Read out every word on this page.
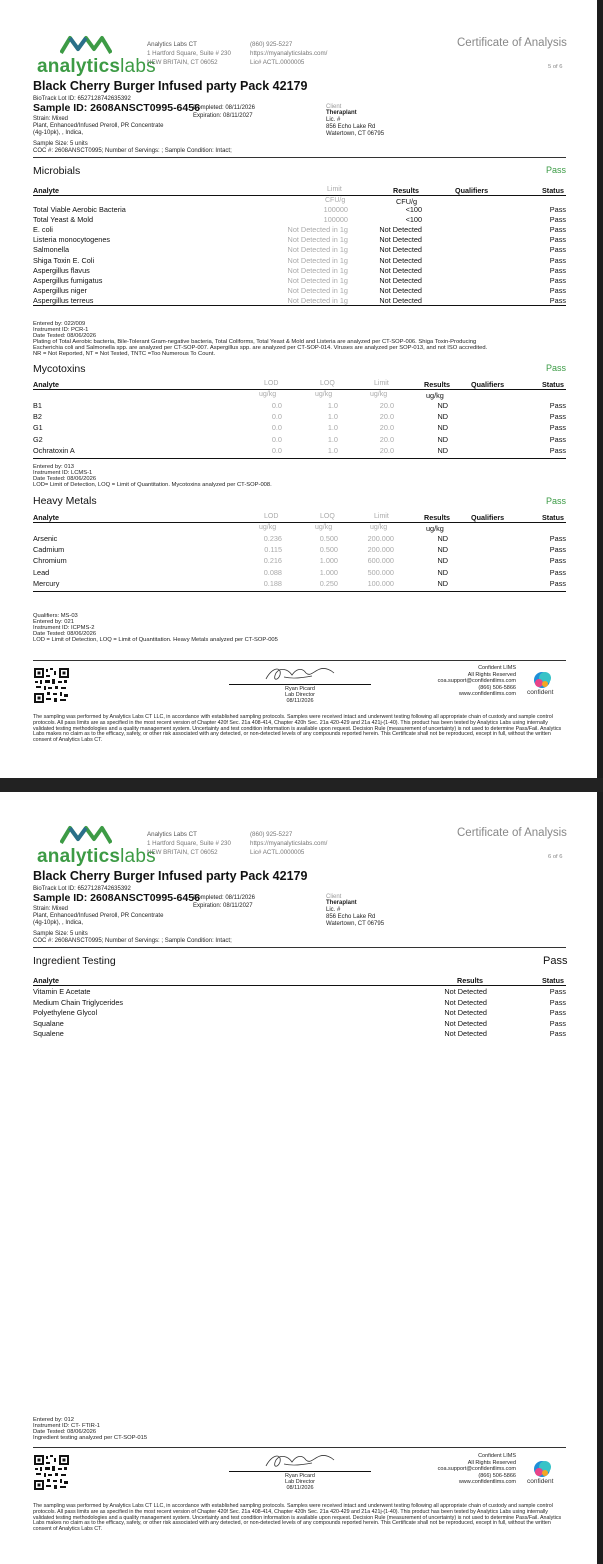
analyticslabs
Analytics Labs CT
1 Hartford Square, Suite # 230
NEW BRITAIN, CT 06052
(860) 925-5227
https://myanalyticslabs.com/
Lic# ACTL.0000005
Certificate of Analysis
5 of 6
Black Cherry Burger Infused party Pack 42179
BioTrack Lot ID: 6527128742635392
Sample ID: 2608ANSCT0995-6456
Strain: Mixed
Plant, Enhanced/Infused Preroll, PR Concentrate
(4g-10pk), , Indica,
Completed: 08/11/2026
Expiration: 08/11/2027
Client
Theraplant
Lic. #
856 Echo Lake Rd
Watertown, CT 06795
Sample Size: 5 units
COC #: 2608ANSCT0995; Number of Servings: ; Sample Condition: Intact;
Microbials	Pass
Analyte	Limit	Results	Qualifiers	Status
CFU/g	CFU/g
Total Viable Aerobic Bacteria	100000	<100	Pass
Total Yeast & Mold	100000	<100	Pass
E. coli	Not Detected in 1g	Not Detected	Pass
Listeria monocytogenes	Not Detected in 1g	Not Detected	Pass
Salmonella	Not Detected in 1g	Not Detected	Pass
Shiga Toxin E. Coli	Not Detected in 1g	Not Detected	Pass
Aspergillus flavus	Not Detected in 1g	Not Detected	Pass
Aspergillus fumigatus	Not Detected in 1g	Not Detected	Pass
Aspergillus niger	Not Detected in 1g	Not Detected	Pass
Aspergillus terreus	Not Detected in 1g	Not Detected	Pass
Entered by: 022/009
Instrument ID: PCR-1
Date Tested: 08/06/2026
Plating of Total Aerobic bacteria, Bile-Tolerant Gram-negative bacteria, Total Coliforms, Total Yeast & Mold and Listeria are analyzed per CT-SOP-006. Shiga Toxin-Producing
Escherichia coli and Salmonella spp. are analyzed per CT-SOP-007. Aspergillus spp. are analyzed per CT-SOP-014. Viruses are analyzed per SOP-013, and not ISO accredited.
NR = Not Reported, NT = Not Tested, TNTC =Too Numerous To Count.
Mycotoxins	Pass
Analyte	LOD	LOQ	Limit	Results	Qualifiers	Status
ug/kg	ug/kg	ug/kg	ug/kg
B1	0.0	1.0	20.0	ND	Pass
B2	0.0	1.0	20.0	ND	Pass
G1	0.0	1.0	20.0	ND	Pass
G2	0.0	1.0	20.0	ND	Pass
Ochratoxin A	0.0	1.0	20.0	ND	Pass
Entered by: 013
Instrument ID: LCMS-1
Date Tested: 08/06/2026
LOD= Limit of Detection, LOQ = Limit of Quantitation. Mycotoxins analyzed per CT-SOP-008.
Heavy Metals	Pass
Analyte	LOD	LOQ	Limit	Results	Qualifiers	Status
ug/kg	ug/kg	ug/kg	ug/kg
Arsenic	0.236	0.500	200.000	ND	Pass
Cadmium	0.115	0.500	200.000	ND	Pass
Chromium	0.216	1.000	600.000	ND	Pass
Lead	0.088	1.000	500.000	ND	Pass
Mercury	0.188	0.250	100.000	ND	Pass
Qualifiers: MS-03
Entered by: 021
Instrument ID: ICPMS-2
Date Tested: 08/06/2026
LOD = Limit of Detection, LOQ = Limit of Quantitation. Heavy Metals analyzed per CT-SOP-005
Ryan Picard
Lab Director
08/11/2026
Confident LIMS
All Rights Reserved
coa.support@confidentlims.com
(866) 506-5866
www.confidentlims.com confident
The sampling was performed by Analytics Labs CT LLC, in accordance with established sampling protocols. Samples were received intact and underwent testing following all appropriate chain of custody and sample control protocols. All pass limits are as specified in the most recent version of Chapter 420f Sec. 21a 408-414, Chapter 420h Sec. 21a 420-429 and 21a 421j-(1-40). This product has been tested by Analytics Labs using internally validated testing methodologies and a quality management system. Uncertainty and test condition information is available upon request. Decision Rule (measurement of uncertainty) is not used to determine Pass/Fail. Analytics Labs makes no claim as to the efficacy, safety, or other risk associated with any detected, or non-detected levels of any compounds reported herein. This Certificate shall not be reproduced, except in full, without the written consent of Analytics Labs CT.
analyticslabs
Analytics Labs CT
1 Hartford Square, Suite # 230
NEW BRITAIN, CT 06052
(860) 925-5227
https://myanalyticslabs.com/
Lic# ACTL.0000005
Certificate of Analysis
6 of 6
Black Cherry Burger Infused party Pack 42179
BioTrack Lot ID: 6527128742635392
Sample ID: 2608ANSCT0995-6456
Strain: Mixed
Plant, Enhanced/Infused Preroll, PR Concentrate
(4g-10pk), , Indica,
Completed: 08/11/2026
Expiration: 08/11/2027
Client
Theraplant
Lic. #
856 Echo Lake Rd
Watertown, CT 06795
Sample Size: 5 units
COC #: 2608ANSCT0995; Number of Servings: ; Sample Condition: Intact;
Ingredient Testing	Pass
Analyte	Results	Status
Vitamin E Acetate	Not Detected	Pass
Medium Chain Triglycerides	Not Detected	Pass
Polyethylene Glycol	Not Detected	Pass
Squalane	Not Detected	Pass
Squalene	Not Detected	Pass
Entered by: 012
Instrument ID: CT- FTIR-1
Date Tested: 08/06/2026
Ingredient testing analyzed per CT-SOP-015
Ryan Picard
Lab Director
08/11/2026
Confident LIMS
All Rights Reserved
coa.support@confidentlims.com
(866) 506-5866
www.confidentlims.com confident
The sampling was performed by Analytics Labs CT LLC, in accordance with established sampling protocols. Samples were received intact and underwent testing following all appropriate chain of custody and sample control protocols. All pass limits are as specified in the most recent version of Chapter 420f Sec. 21a 408-414, Chapter 420h Sec. 21a 420-429 and 21a 421j-(1-40). This product has been tested by Analytics Labs using internally validated testing methodologies and a quality management system. Uncertainty and test condition information is available upon request. Decision Rule (measurement of uncertainty) is not used to determine Pass/Fail. Analytics Labs makes no claim as to the efficacy, safety, or other risk associated with any detected, or non-detected levels of any compounds reported herein. This Certificate shall not be reproduced, except in full, without the written consent of Analytics Labs CT.
